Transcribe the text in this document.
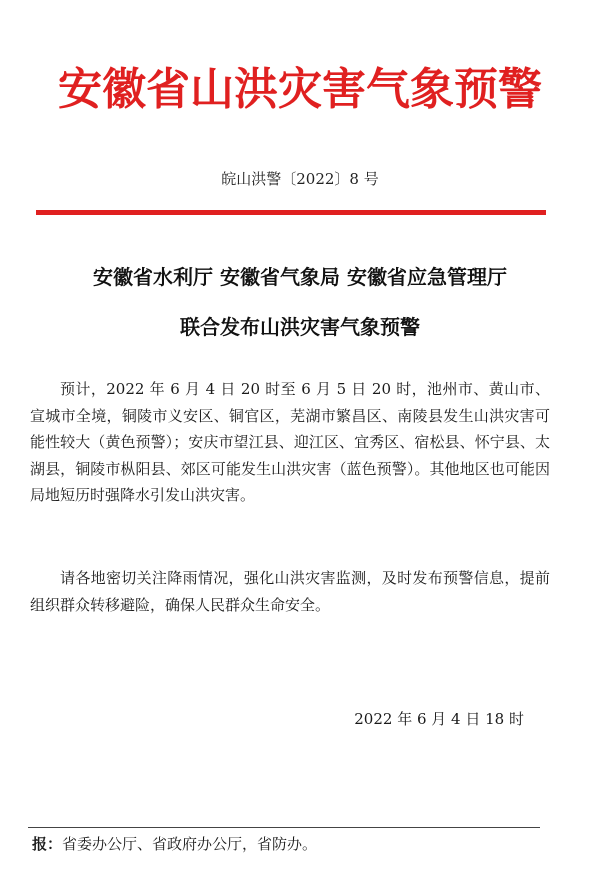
安徽省山洪灾害气象预警
皖山洪警〔2022〕8 号
安徽省水利厅 安徽省气象局 安徽省应急管理厅
联合发布山洪灾害气象预警

预计，2022 年 6 月 4 日 20 时至 6 月 5 日 20 时，池州市、黄山市、宣城市全境，铜陵市义安区、铜官区，芜湖市繁昌区、南陵县发生山洪灾害可能性较大（黄色预警）；安庆市望江县、迎江区、宜秀区、宿松县、怀宁县、太湖县，铜陵市枞阳县、郊区可能发生山洪灾害（蓝色预警）。其他地区也可能因局地短历时强降水引发山洪灾害。

请各地密切关注降雨情况，强化山洪灾害监测，及时发布预警信息，提前组织群众转移避险，确保人民群众生命安全。

2022 年 6 月 4 日 18 时
报：省委办公厅、省政府办公厅，省防办。
